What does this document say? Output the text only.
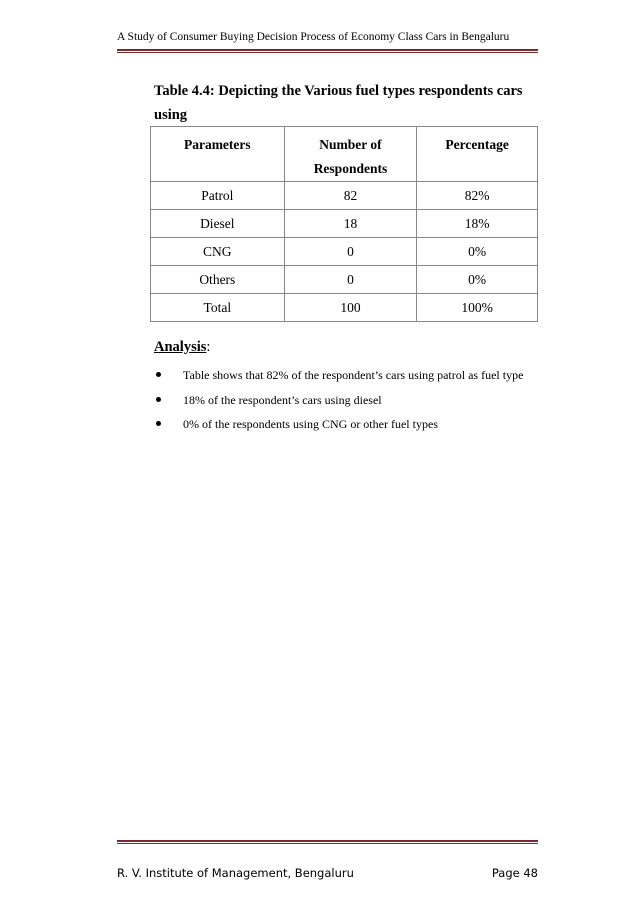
A Study of Consumer Buying Decision Process of Economy Class Cars in Bengaluru
Table 4.4: Depicting the Various fuel types respondents cars using
Parameters	Number of Respondents	Percentage
Patrol	82	82%
Diesel	18	18%
CNG	0	0%
Others	0	0%
Total	100	100%
Analysis:
Table shows that 82% of the respondent’s cars using patrol as fuel type
18% of the respondent’s cars using diesel
0% of the respondents using CNG or other fuel types
R. V. Institute of Management, Bengaluru	Page 48
